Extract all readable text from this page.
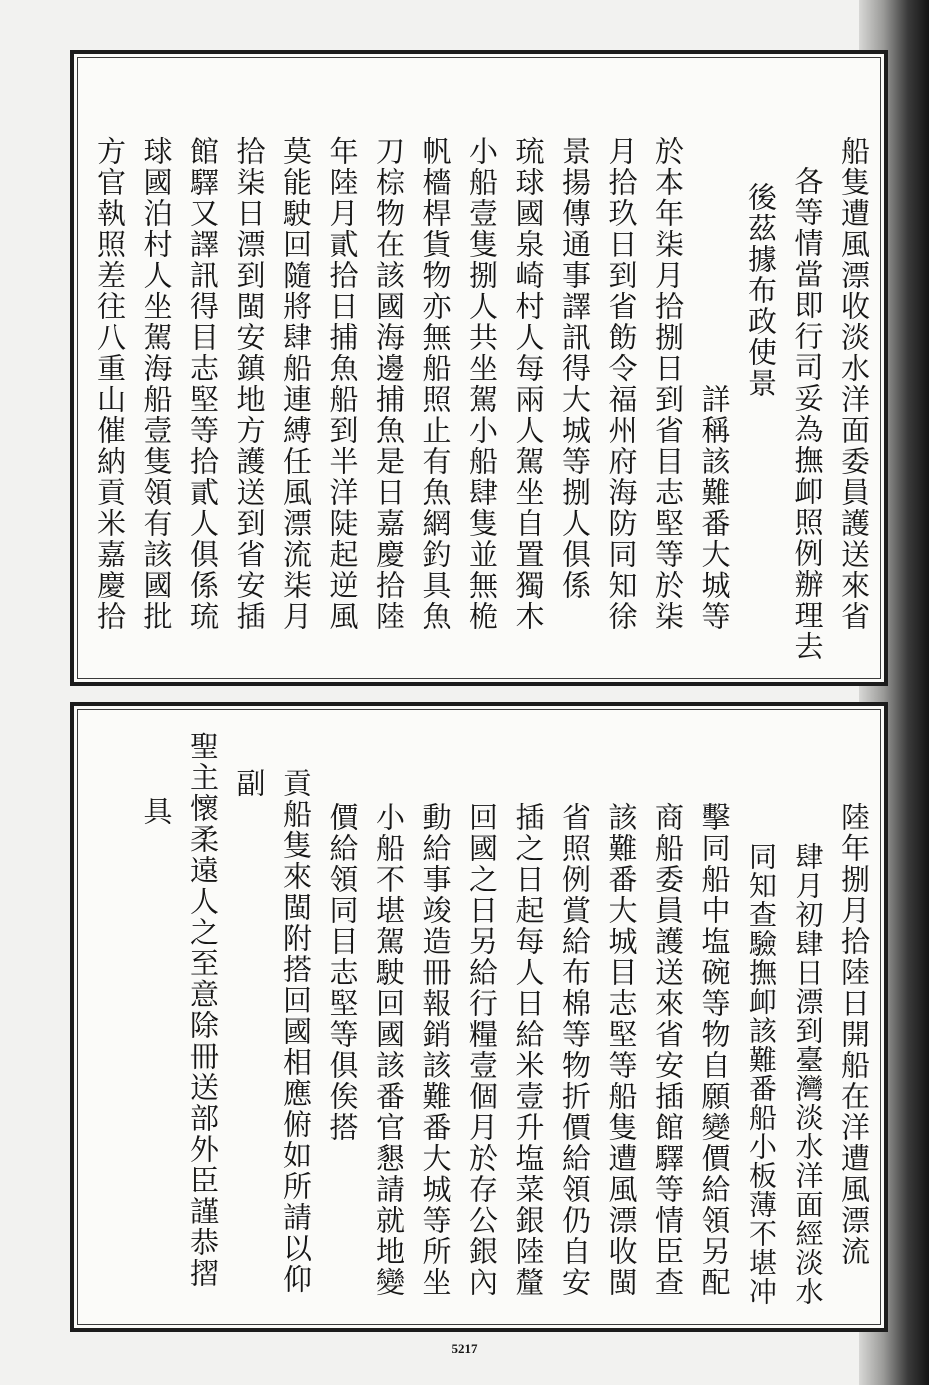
船隻遭風漂收淡水洋面委員護送來省
各等情當即行司妥為撫卹照例辦理去
後茲據布政使景
詳稱該難番大城等
於本年柒月拾捌日到省目志堅等於柒
月拾玖日到省飭令福州府海防同知徐
景揚傳通事譯訊得大城等捌人俱係
琉球國泉崎村人每兩人駕坐自置獨木
小船壹隻捌人共坐駕小船肆隻並無桅
帆檣桿貨物亦無船照止有魚網釣具魚
刀棕物在該國海邊捕魚是日嘉慶拾陸
年陸月貳拾日捕魚船到半洋陡起逆風
莫能駛回隨將肆船連縛任風漂流柒月
拾柒日漂到閩安鎮地方護送到省安插
館驛又譯訊得目志堅等拾貳人俱係琉
球國泊村人坐駕海船壹隻領有該國批
方官執照差往八重山催納貢米嘉慶拾
陸年捌月拾陸日開船在洋遭風漂流
肆月初肆日漂到臺灣淡水洋面經淡水
同知查驗撫卹該難番船小板薄不堪冲
擊同船中塩碗等物自願變價給領另配
商船委員護送來省安插館驛等情臣查
該難番大城目志堅等船隻遭風漂收閩
省照例賞給布棉等物折價給領仍自安
插之日起每人日給米壹升塩菜銀陸釐
回國之日另給行糧壹個月於存公銀內
動給事竣造冊報銷該難番大城等所坐
小船不堪駕駛回國該番官懇請就地變
價給領同目志堅等俱俟搭
貢船隻來閩附搭回國相應俯如所請以仰
副
聖主懷柔遠人之至意除冊送部外臣謹恭摺
具
5217
